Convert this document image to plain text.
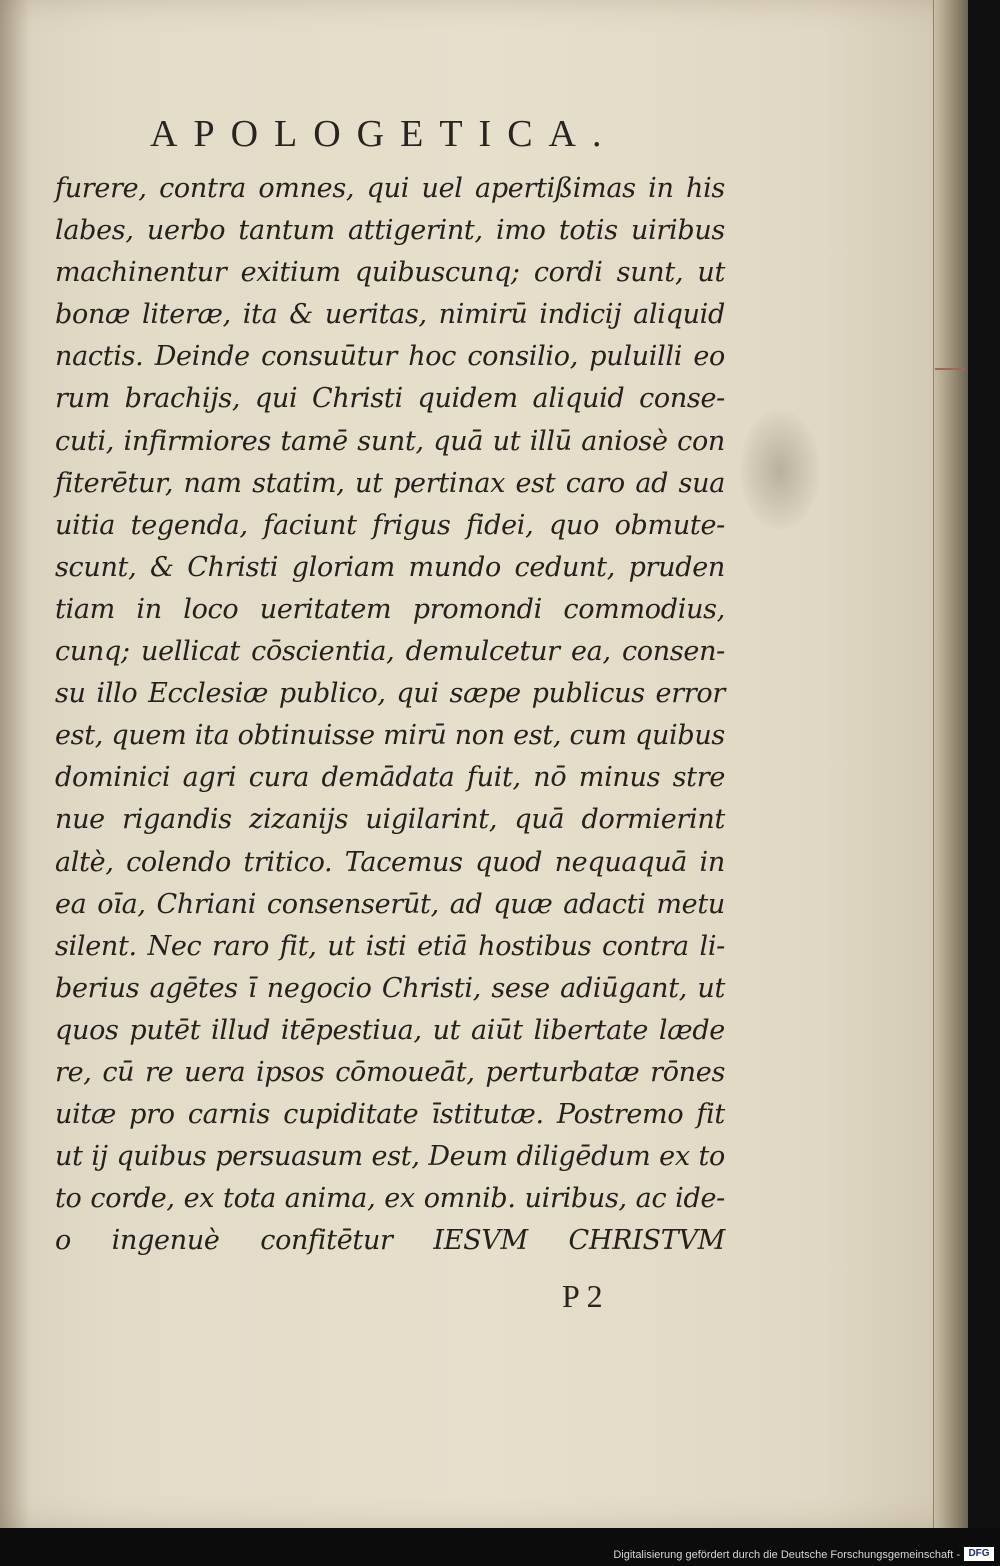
APOLOGETICA.
furere, contra omnes, qui uel apertißimas in his
labes, uerbo tantum attigerint, imo totis uiribus
machinentur exitium quibuscunq; cordi sunt, ut
bonæ literæ, ita & ueritas, nimirū indicij aliquid
nactis. Deinde consuūtur hoc consilio, puluilli eo
rum brachijs, qui Christi quidem aliquid conse-
cuti, infirmiores tamē sunt, quā ut illū aniosè con
fiterētur, nam statim, ut pertinax est caro ad sua
uitia tegenda, faciunt frigus fidei, quo obmute-
scunt, & Christi gloriam mundo cedunt, pruden
tiam in loco ueritatem promondi commodius,
cunq; uellicat cōscientia, demulcetur ea, consen-
su illo Ecclesiæ publico, qui sæpe publicus error
est, quem ita obtinuisse mirū non est, cum quibus
dominici agri cura demādata fuit, nō minus stre
nue rigandis zizanijs uigilarint, quā dormierint
altè, colendo tritico. Tacemus quod nequaquā in
ea oīa, Chriani consenserūt, ad quæ adacti metu
silent. Nec raro fit, ut isti etiā hostibus contra li-
berius agētes ī negocio Christi, sese adiūgant, ut
quos putēt illud itēpestiua, ut aiūt libertate læde
re, cū re uera ipsos cōmoueāt, perturbatæ rōnes
uitæ pro carnis cupiditate īstitutæ. Postremo fit
ut ij quibus persuasum est, Deum diligēdum ex to
to corde, ex tota anima, ex omnib. uiribus, ac ide-
o ingenuè confitētur IESVM CHRISTVM
P 2
Digitalisierung gefördert durch die Deutsche Forschungsgemeinschaft - DFG
